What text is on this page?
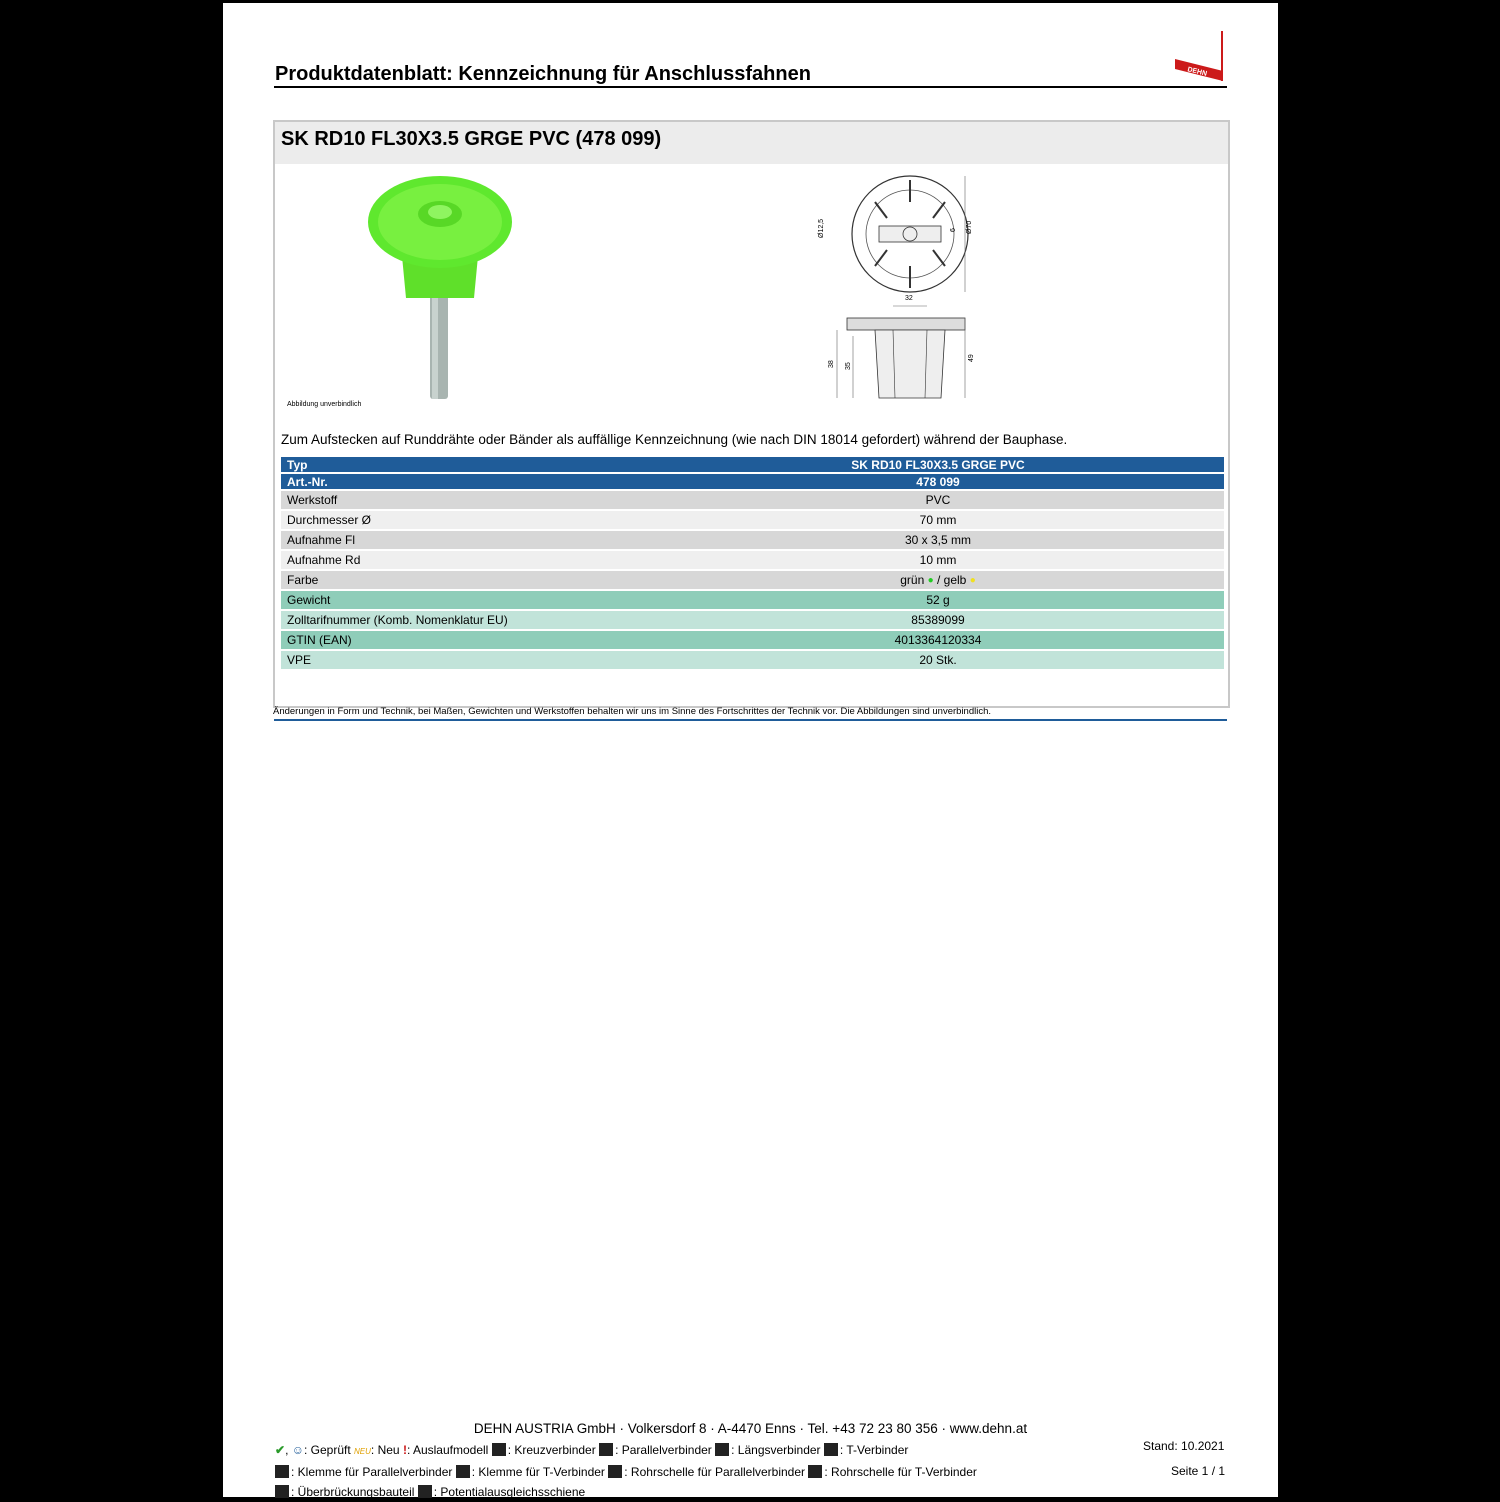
Produktdatenblatt: Kennzeichnung für Anschlussfahnen	DEHN
SK RD10 FL30X3.5 GRGE PVC (478 099)
Abbildung unverbindlich
Ø70
6
Ø12,5
32
38 35
49
Zum Aufstecken auf Runddrähte oder Bänder als auffällige Kennzeichnung (wie nach DIN 18014 gefordert) während der Bauphase.
Typ	SK RD10 FL30X3.5 GRGE PVC
Art.-Nr.	478 099
Werkstoff	PVC
Durchmesser Ø	70 mm
Aufnahme Fl	30 x 3,5 mm
Aufnahme Rd	10 mm
Farbe	grün ● / gelb ●
Gewicht	52 g
Zolltarifnummer (Komb. Nomenklatur EU)	85389099
GTIN (EAN)	4013364120334
VPE	20 Stk.
Änderungen in Form und Technik, bei Maßen, Gewichten und Werkstoffen behalten wir uns im Sinne des Fortschrittes der Technik vor. Die Abbildungen sind unverbindlich.
DEHN AUSTRIA GmbH · Volkersdorf 8 · A-4470 Enns · Tel. +43 72 23 80 356 · www.dehn.at
✔, ☺: Geprüft NEU: Neu !: Auslaufmodell : Kreuzverbinder : Parallelverbinder : Längsverbinder : T-Verbinder
: Klemme für Parallelverbinder : Klemme für T-Verbinder : Rohrschelle für Parallelverbinder : Rohrschelle für T-Verbinder
: Überbrückungsbauteil : Potentialausgleichsschiene
Stand: 10.2021
Seite 1 / 1
